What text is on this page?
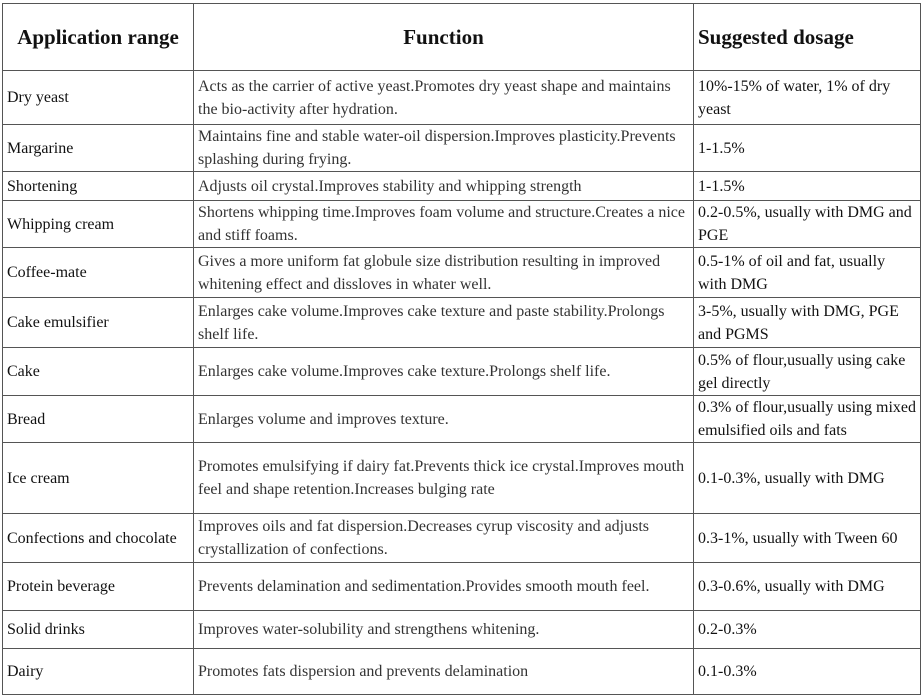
Application range	Function	Suggested dosage
Dry yeast	Acts as the carrier of active yeast.Promotes dry yeast shape and maintains the bio-activity after hydration.	10%-15% of water, 1% of dry yeast
Margarine	Maintains fine and stable water-oil dispersion.Improves plasticity.Prevents splashing during frying.	1-1.5%
Shortening	Adjusts oil crystal.Improves stability and whipping strength	1-1.5%
Whipping cream	Shortens whipping time.Improves foam volume and structure.Creates a nice and stiff foams.	0.2-0.5%, usually with DMG and PGE
Coffee-mate	Gives a more uniform fat globule size distribution resulting in improved whitening effect and dissloves in whater well.	0.5-1% of oil and fat, usually with DMG
Cake emulsifier	Enlarges cake volume.Improves cake texture and paste stability.Prolongs shelf life.	3-5%, usually with DMG, PGE and PGMS
Cake	Enlarges cake volume.Improves cake texture.Prolongs shelf life.	0.5% of flour,usually using cake gel directly
Bread	Enlarges volume and improves texture.	0.3% of flour,usually using mixed emulsified oils and fats
Ice cream	Promotes emulsifying if dairy fat.Prevents thick ice crystal.Improves mouth feel and shape retention.Increases bulging rate	0.1-0.3%, usually with DMG
Confections and chocolate	Improves oils and fat dispersion.Decreases cyrup viscosity and adjusts crystallization of confections.	0.3-1%, usually with Tween 60
Protein beverage	Prevents delamination and sedimentation.Provides smooth mouth feel.	0.3-0.6%, usually with DMG
Solid drinks	Improves water-solubility and strengthens whitening.	0.2-0.3%
Dairy	Promotes fats dispersion and prevents delamination	0.1-0.3%
